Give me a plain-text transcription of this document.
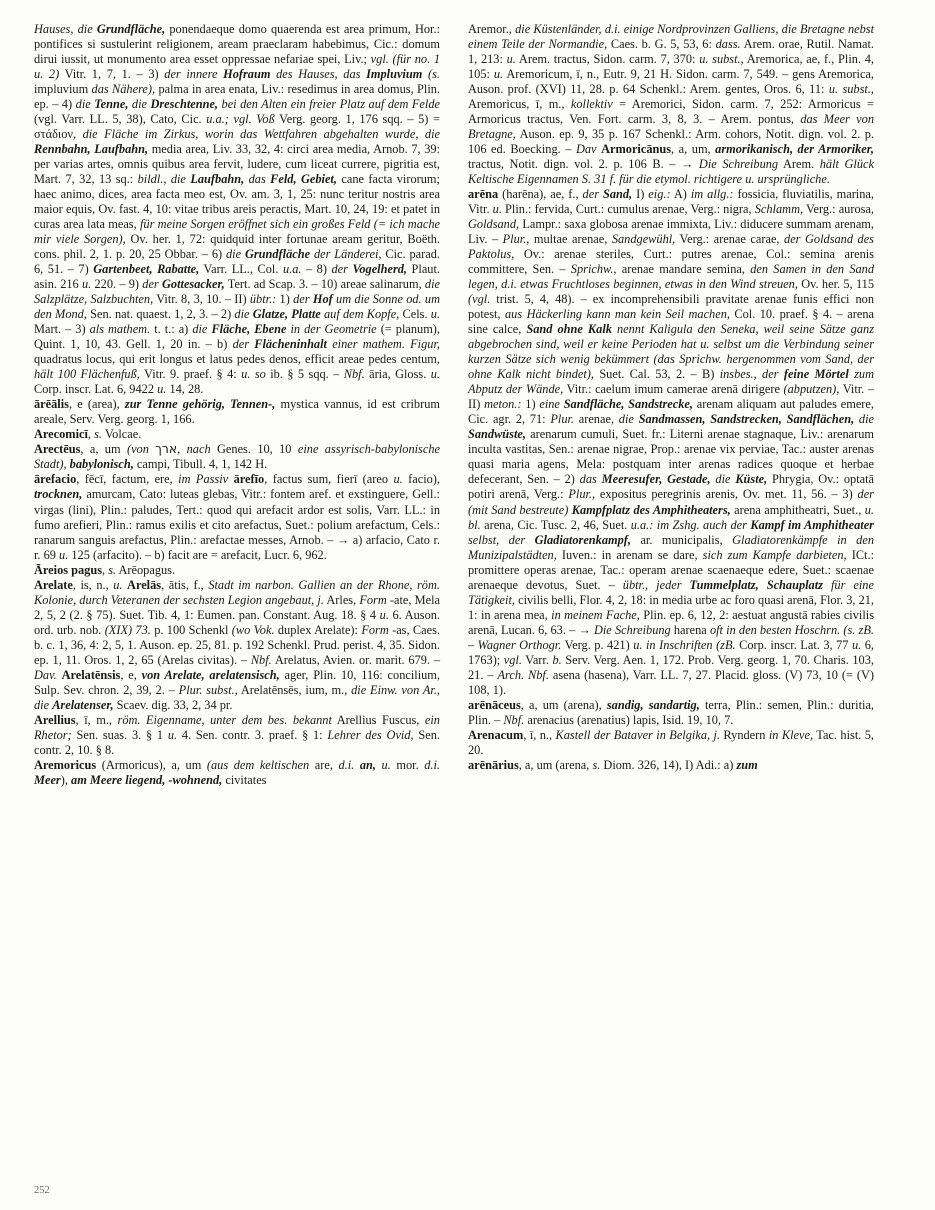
Hauses, die Grundfläche, ponendaeque domo quaerenda est area primum, Hor.: pontifices si sustulerint religionem, aream praeclaram habebimus, Cic.: domum dirui iussit, ut monumento area esset oppressae nefariae spei, Liv.; vgl. (für no. 1 u. 2) Vitr. 1, 7, 1. – 3) der innere Hofraum des Hauses, das Impluvium (s. impluvium das Nähere), palma in area enata, Liv.: resedimus in area domus, Plin. ep. – 4) die Tenne, die Dreschtenne, bei den Alten ein freier Platz auf dem Felde (vgl. Varr. LL. 5, 38), Cato, Cic. u.a.; vgl. Voß Verg. georg. 1, 176 sqq. – 5) = στάδιον, die Fläche im Zirkus, worin das Wettfahren abgehalten wurde, die Rennbahn, Laufbahn, media area, Liv. 33, 32, 4: circi area media, Arnob. 7, 39: per varias artes, omnis quibus area fervit, ludere, cum liceat currere, pigritia est, Mart. 7, 32, 13 sq.: bildl., die Laufbahn, das Feld, Gebiet, cane facta virorum; haec animo, dices, area facta meo est, Ov. am. 3, 1, 25: nunc teritur nostris area maior equis, Ov. fast. 4, 10: vitae tribus areis peractis, Mart. 10, 24, 19: et patet in curas area lata meas, für meine Sorgen eröffnet sich ein großes Feld (= ich mache mir viele Sorgen), Ov. her. 1, 72: quidquid inter fortunae aream geritur, Boëth. cons. phil. 2, 1. p. 20, 25 Obbar. – 6) die Grundfläche der Länderei, Cic. parad. 6, 51. – 7) Gartenbeet, Rabatte, Varr. LL., Col. u.a. – 8) der Vogelherd, Plaut. asin. 216 u. 220. – 9) der Gottesacker, Tert. ad Scap. 3. – 10) areae salinarum, die Salzplätze, Salzbuchten, Vitr. 8, 3, 10. – II) übtr.: 1) der Hof um die Sonne od. um den Mond, Sen. nat. quaest. 1, 2, 3. – 2) die Glatze, Platte auf dem Kopfe, Cels. u. Mart. – 3) als mathem. t. t.: a) die Fläche, Ebene in der Geometrie (= planum), Quint. 1, 10, 43. Gell. 1, 20 in. – b) der Flächeninhalt einer mathem. Figur, quadratus locus, qui erit longus et latus pedes denos, efficit areae pedes centum, hält 100 Flächenfuß, Vitr. 9. praef. § 4: u. so ib. § 5 sqq. – Nbf. āria, Gloss. u. Corp. inscr. Lat. 6, 9422 u. 14, 28.

ārēālis, e (area), zur Tenne gehörig, Tennen-, mystica vannus, id est cribrum areale, Serv. Verg. georg. 1, 166.

Arecomicī, s. Volcae.

Arectēus, a, um (von ארך, nach Genes. 10, 10 eine assyrisch-babylonische Stadt), babylonisch, campi, Tibull. 4, 1, 142 H.

ārefacio, fēcī, factum, ere, im Passiv ārefīo, factus sum, fierī (areo u. facio), trocknen, amurcam, Cato: luteas glebas, Vitr.: fontem aref. et exstinguere, Gell.: virgas (lini), Plin.: paludes, Tert.: quod qui arefacit ardor est solis, Varr. LL.: in fumo arefieri, Plin.: ramus exilis et cito arefactus, Suet.: polium arefactum, Cels.: ranarum sanguis arefactus, Plin.: arefactae messes, Arnob. – → a) arfacio, Cato r. r. 69 u. 125 (arfacito). – b) facit are = arefacit, Lucr. 6, 962.

Āreios pagus, s. Arēopagus.

Arelate, is, n., u. Arelās, ātis, f., Stadt im narbon. Gallien an der Rhone, röm. Kolonie, durch Veteranen der sechsten Legion angebaut, j. Arles, Form -ate, Mela 2, 5, 2 (2. § 75). Suet. Tib. 4, 1: Eumen. pan. Constant. Aug. 18. § 4 u. 6. Auson. ord. urb. nob. (XIX) 73. p. 100 Schenkl (wo Vok. duplex Arelate): Form -as, Caes. b. c. 1, 36, 4: 2, 5, 1. Auson. ep. 25, 81. p. 192 Schenkl. Prud. perist. 4, 35. Sidon. ep. 1, 11. Oros. 1, 2, 65 (Arelas civitas). – Nbf. Arelatus, Avien. or. marit. 679. – Dav. Arelatēnsis, e, von Arelate, arelatensisch, ager, Plin. 10, 116: concilium, Sulp. Sev. chron. 2, 39, 2. – Plur. subst., Arelatēnsēs, ium, m., die Einw. von Ar., die Arelatenser, Scaev. dig. 33, 2, 34 pr.

Arellius, ī, m., röm. Eigenname, unter dem bes. bekannt Arellius Fuscus, ein Rhetor; Sen. suas. 3. § 1 u. 4. Sen. contr. 3. praef. § 1: Lehrer des Ovid, Sen. contr. 2, 10. § 8.

Aremoricus (Armoricus), a, um (aus dem keltischen are, d.i. an, u. mor. d.i. Meer), am Meere liegend, -wohnend, civitates

Aremor., die Küstenländer, d.i. einige Nordprovinzen Galliens, die Bretagne nebst einem Teile der Normandie, Caes. b. G. 5, 53, 6: dass. Arem. orae, Rutil. Namat. 1, 213: u. Arem. tractus, Sidon. carm. 7, 370: u. subst., Aremorica, ae, f., Plin. 4, 105: u. Aremoricum, ī, n., Eutr. 9, 21 H. Sidon. carm. 7, 549. – gens Aremorica, Auson. prof. (XVI) 11, 28. p. 64 Schenkl.: Arem. gentes, Oros. 6, 11: u. subst., Aremoricus, ī, m., kollektiv = Aremorici, Sidon. carm. 7, 252: Armoricus = Armoricus tractus, Ven. Fort. carm. 3, 8, 3. – Arem. pontus, das Meer von Bretagne, Auson. ep. 9, 35 p. 167 Schenkl.: Arm. cohors, Notit. dign. vol. 2. p. 106 ed. Boecking. – Dav Armoricānus, a, um, armorikanisch, der Armoriker, tractus, Notit. dign. vol. 2. p. 106 B. – → Die Schreibung Arem. hält Glück Keltische Eigennamen S. 31 f. für die etymol. richtigere u. ursprüngliche.

arēna (harēna), ae, f., der Sand, I) eig.: A) im allg.: fossicia, fluviatilis, marina, Vitr. u. Plin.: fervida, Curt.: cumulus arenae, Verg.: nigra, Schlamm, Verg.: aurosa, Goldsand, Lampr.: saxa globosa arenae immixta, Liv.: diducere summam arenam, Liv. – Plur., multae arenae, Sandgewühl, Verg.: arenae carae, der Goldsand des Paktolus, Ov.: arenae steriles, Curt.: putres arenae, Col.: semina arenis committere, Sen. – Sprichw., arenae mandare semina, den Samen in den Sand legen, d.i. etwas Fruchtloses beginnen, etwas in den Wind streuen, Ov. her. 5, 115 (vgl. trist. 5, 4, 48). – ex incomprehensibili pravitate arenae funis effici non potest, aus Häckerling kann man kein Seil machen, Col. 10. praef. § 4. – arena sine calce, Sand ohne Kalk nennt Kaligula den Seneka, weil seine Sätze ganz abgebrochen sind, weil er keine Perioden hat u. selbst um die Verbindung seiner kurzen Sätze sich wenig bekümmert (das Sprichw. hergenommen vom Sand, der ohne Kalk nicht bindet), Suet. Cal. 53, 2. – B) insbes., der feine Mörtel zum Abputz der Wände, Vitr.: caelum imum camerae arenā dirigere (abputzen), Vitr. – II) meton.: 1) eine Sandfläche, Sandstrecke, arenam aliquam aut paludes emere, Cic. agr. 2, 71: Plur. arenae, die Sandmassen, Sandstrecken, Sandflächen, die Sandwüste, arenarum cumuli, Suet. fr.: Literni arenae stagnaque, Liv.: arenarum inculta vastitas, Sen.: arenae nigrae, Prop.: arenae vix perviae, Tac.: auster arenas quasi maria agens, Mela: postquam inter arenas radices quoque et herbae defecerant, Sen. – 2) das Meeresufer, Gestade, die Küste, Phrygia, Ov.: optatā potiri arenā, Verg.: Plur., expositus peregrinis arenis, Ov. met. 11, 56. – 3) der (mit Sand bestreute) Kampfplatz des Amphitheaters, arena amphitheatri, Suet., u. bl. arena, Cic. Tusc. 2, 46, Suet. u.a.: im Zshg. auch der Kampf im Amphitheater selbst, der Gladiatorenkampf, ar. municipalis, Gladiatorenkämpfe in den Munizipalstädten, Iuven.: in arenam se dare, sich zum Kampfe darbieten, ICt.: promittere operas arenae, Tac.: operam arenae scaenaeque edere, Suet.: scaenae arenaeque devotus, Suet. – übtr., jeder Tummelplatz, Schauplatz für eine Tätigkeit, civilis belli, Flor. 4, 2, 18: in media urbe ac foro quasi arenā, Flor. 3, 21, 1: in arena mea, in meinem Fache, Plin. ep. 6, 12, 2: aestuat angustā rabies civilis arenā, Lucan. 6, 63. – → Die Schreibung harena oft in den besten Hoschrn. (s. zB. – Wagner Orthogr. Verg. p. 421) u. in Inschriften (zB. Corp. inscr. Lat. 3, 77 u. 6, 1763); vgl. Varr. b. Serv. Verg. Aen. 1, 172. Prob. Verg. georg. 1, 70. Charis. 103, 21. – Arch. Nbf. asena (hasena), Varr. LL. 7, 27. Placid. gloss. (V) 73, 10 (= (V) 108, 1).

arēnāceus, a, um (arena), sandig, sandartig, terra, Plin.: semen, Plin.: duritia, Plin. – Nbf. arenacius (arenatius) lapis, Isid. 19, 10, 7.

Arenacum, ī, n., Kastell der Bataver in Belgika, j. Ryndern in Kleve, Tac. hist. 5, 20.

arēnārius, a, um (arena, s. Diom. 326, 14), I) Adi.: a) zum

252
